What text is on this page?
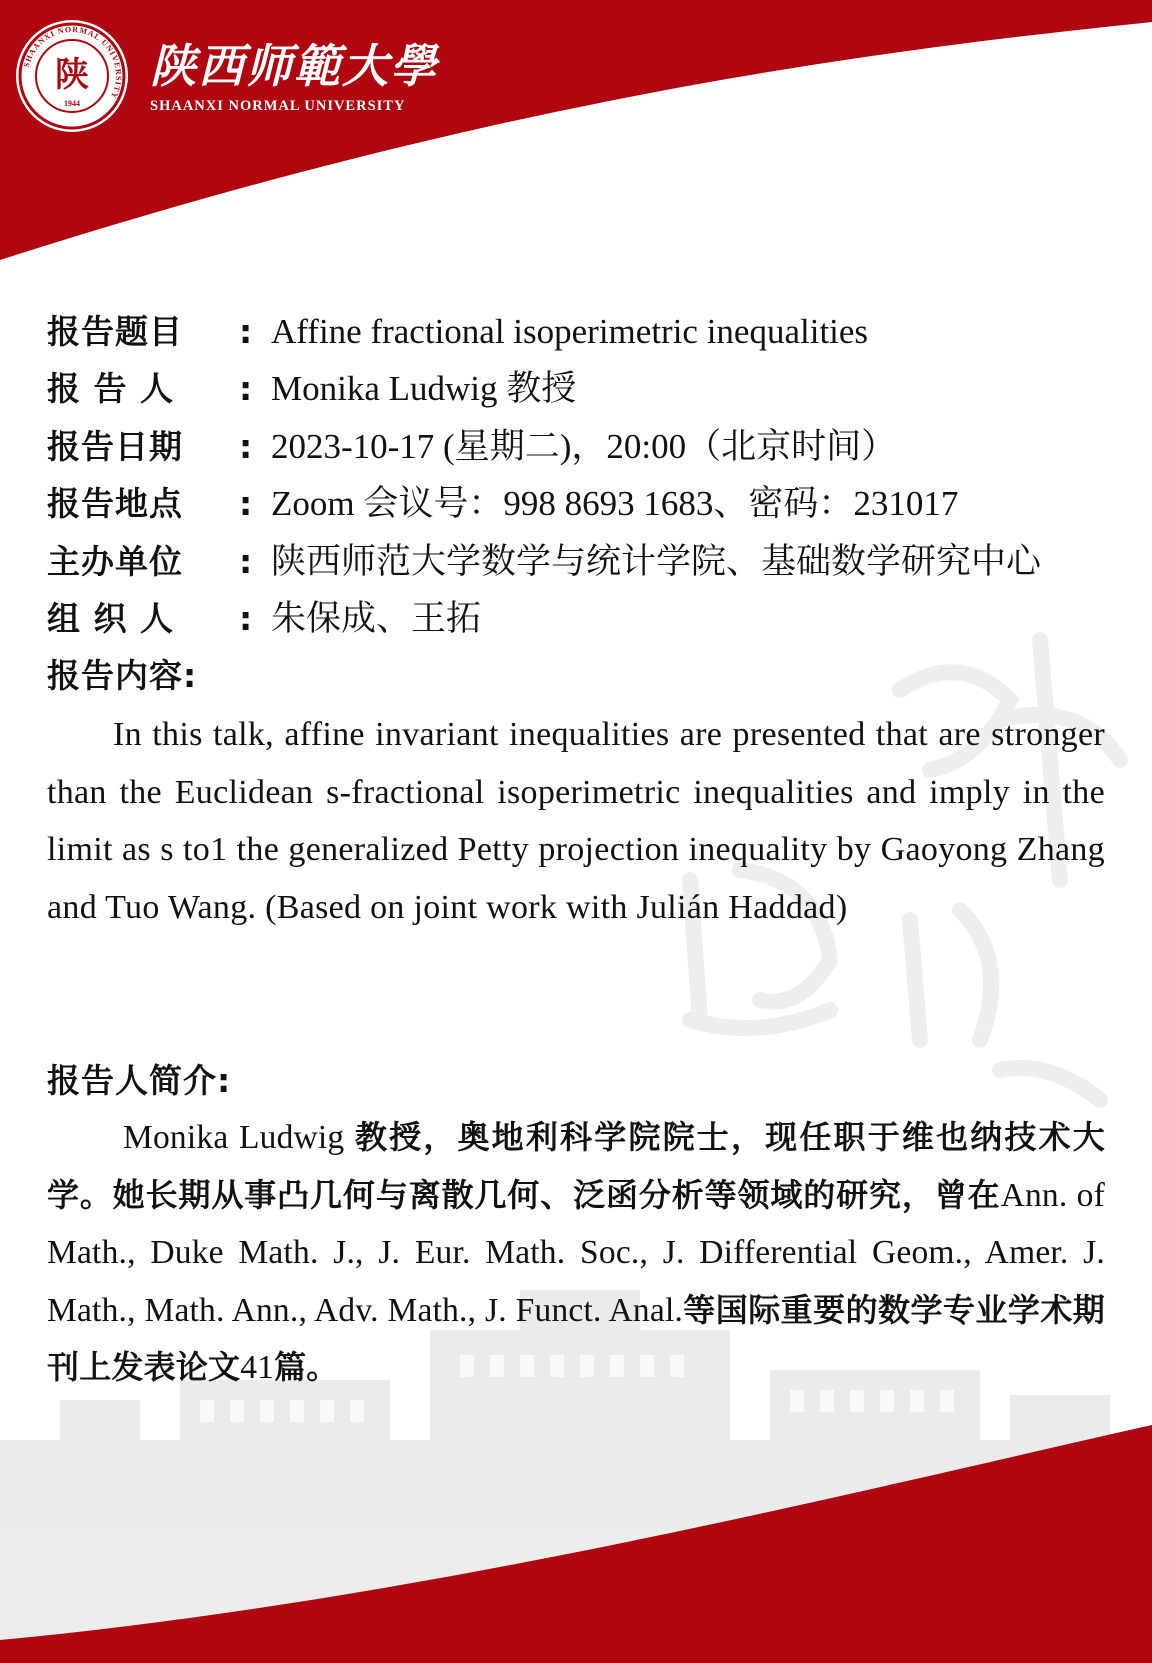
SHAANXI NORMAL UNIVERSITY
陕
1944
陕西师範大學
SHAANXI NORMAL UNIVERSITY
报告题目	: Affine fractional isoperimetric inequalities
报 告 人	: Monika Ludwig 教授
报告日期	: 2023-10-17 (星期二)，20:00（北京时间）
报告地点	: Zoom 会议号：998 8693 1683、密码：231017
主办单位	: 陕西师范大学数学与统计学院、基础数学研究中心
组 织 人	: 朱保成、王拓
报告内容:
In this talk, affine invariant inequalities are presented that are stronger than the Euclidean s-fractional isoperimetric inequalities and imply in the limit as s to1 the generalized Petty projection inequality by Gaoyong Zhang and Tuo Wang. (Based on joint work with Julián Haddad)
报告人简介:
Monika Ludwig 教授，奥地利科学院院士，现任职于维也纳技术大学。她长期从事凸几何与离散几何、泛函分析等领域的研究，曾在Ann. of Math., Duke Math. J., J. Eur. Math. Soc., J. Differential Geom., Amer. J. Math., Math. Ann., Adv. Math., J. Funct. Anal.等国际重要的数学专业学术期刊上发表论文41篇。
